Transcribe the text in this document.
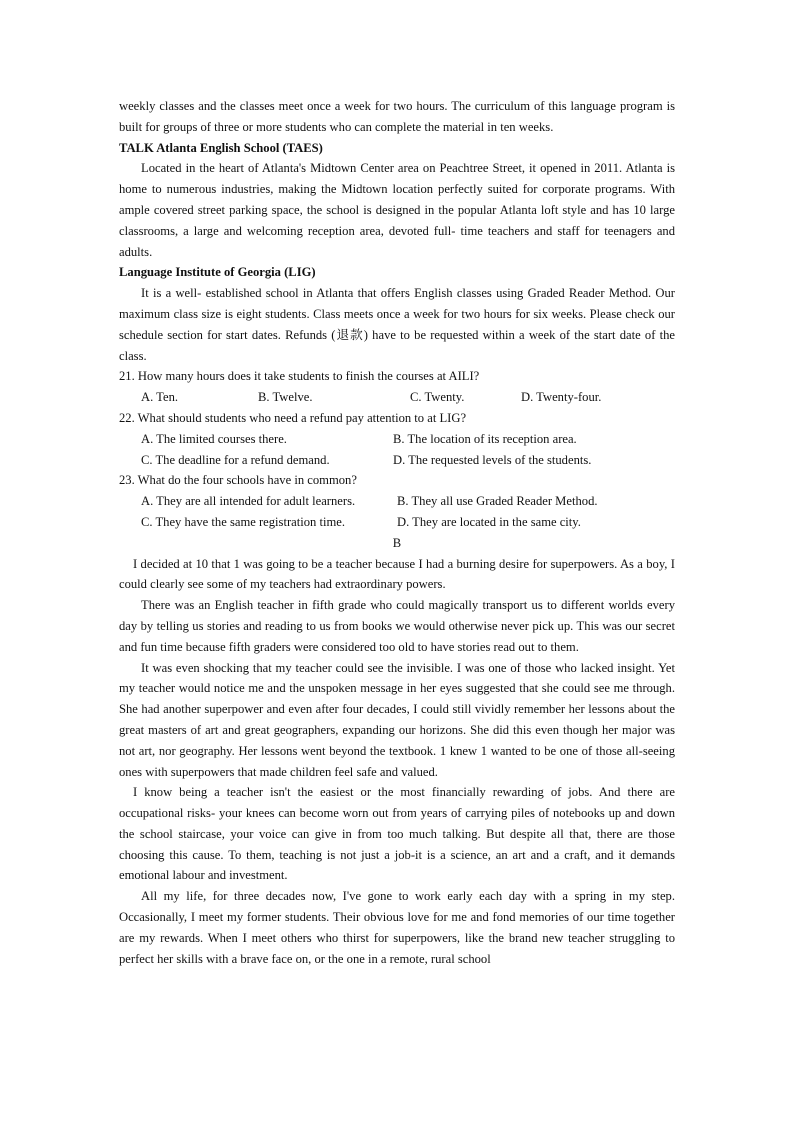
weekly classes and the classes meet once a week for two hours. The curriculum of this language program is built for groups of three or more students who can complete the material in ten weeks.

TALK Atlanta English School (TAES)

Located in the heart of Atlanta's Midtown Center area on Peachtree Street, it opened in 2011. Atlanta is home to numerous industries, making the Midtown location perfectly suited for corporate programs. With ample covered street parking space, the school is designed in the popular Atlanta loft style and has 10 large classrooms, a large and welcoming reception area, devoted full- time teachers and staff for teenagers and adults.

Language Institute of Georgia (LIG)

It is a well- established school in Atlanta that offers English classes using Graded Reader Method. Our maximum class size is eight students. Class meets once a week for two hours for six weeks. Please check our schedule section for start dates. Refunds (退款) have to be requested within a week of the start date of the class.

21. How many hours does it take students to finish the courses at AILI?

A. Ten.	B. Twelve.	C. Twenty.	D. Twenty-four.

22. What should students who need a refund pay attention to at LIG?

A. The limited courses there.	B. The location of its reception area.
C. The deadline for a refund demand.	D. The requested levels of the students.

23. What do the four schools have in common?

A. They are all intended for adult learners.	B. They all use Graded Reader Method.
C. They have the same registration time.	D. They are located in the same city.

B

I decided at 10 that 1 was going to be a teacher because I had a burning desire for superpowers. As a boy, I could clearly see some of my teachers had extraordinary powers.

There was an English teacher in fifth grade who could magically transport us to different worlds every day by telling us stories and reading to us from books we would otherwise never pick up. This was our secret and fun time because fifth graders were considered too old to have stories read out to them.

It was even shocking that my teacher could see the invisible. I was one of those who lacked insight. Yet my teacher would notice me and the unspoken message in her eyes suggested that she could see me through. She had another superpower and even after four decades, I could still vividly remember her lessons about the great masters of art and great geographers, expanding our horizons. She did this even though her major was not art, nor geography. Her lessons went beyond the textbook. 1 knew 1 wanted to be one of those all-seeing ones with superpowers that made children feel safe and valued.

I know being a teacher isn't the easiest or the most financially rewarding of jobs. And there are occupational risks- your knees can become worn out from years of carrying piles of notebooks up and down the school staircase, your voice can give in from too much talking. But despite all that, there are those choosing this cause. To them, teaching is not just a job-it is a science, an art and a craft, and it demands emotional labour and investment.

All my life, for three decades now, I've gone to work early each day with a spring in my step. Occasionally, I meet my former students. Their obvious love for me and fond memories of our time together are my rewards. When I meet others who thirst for superpowers, like the brand new teacher struggling to perfect her skills with a brave face on, or the one in a remote, rural school
